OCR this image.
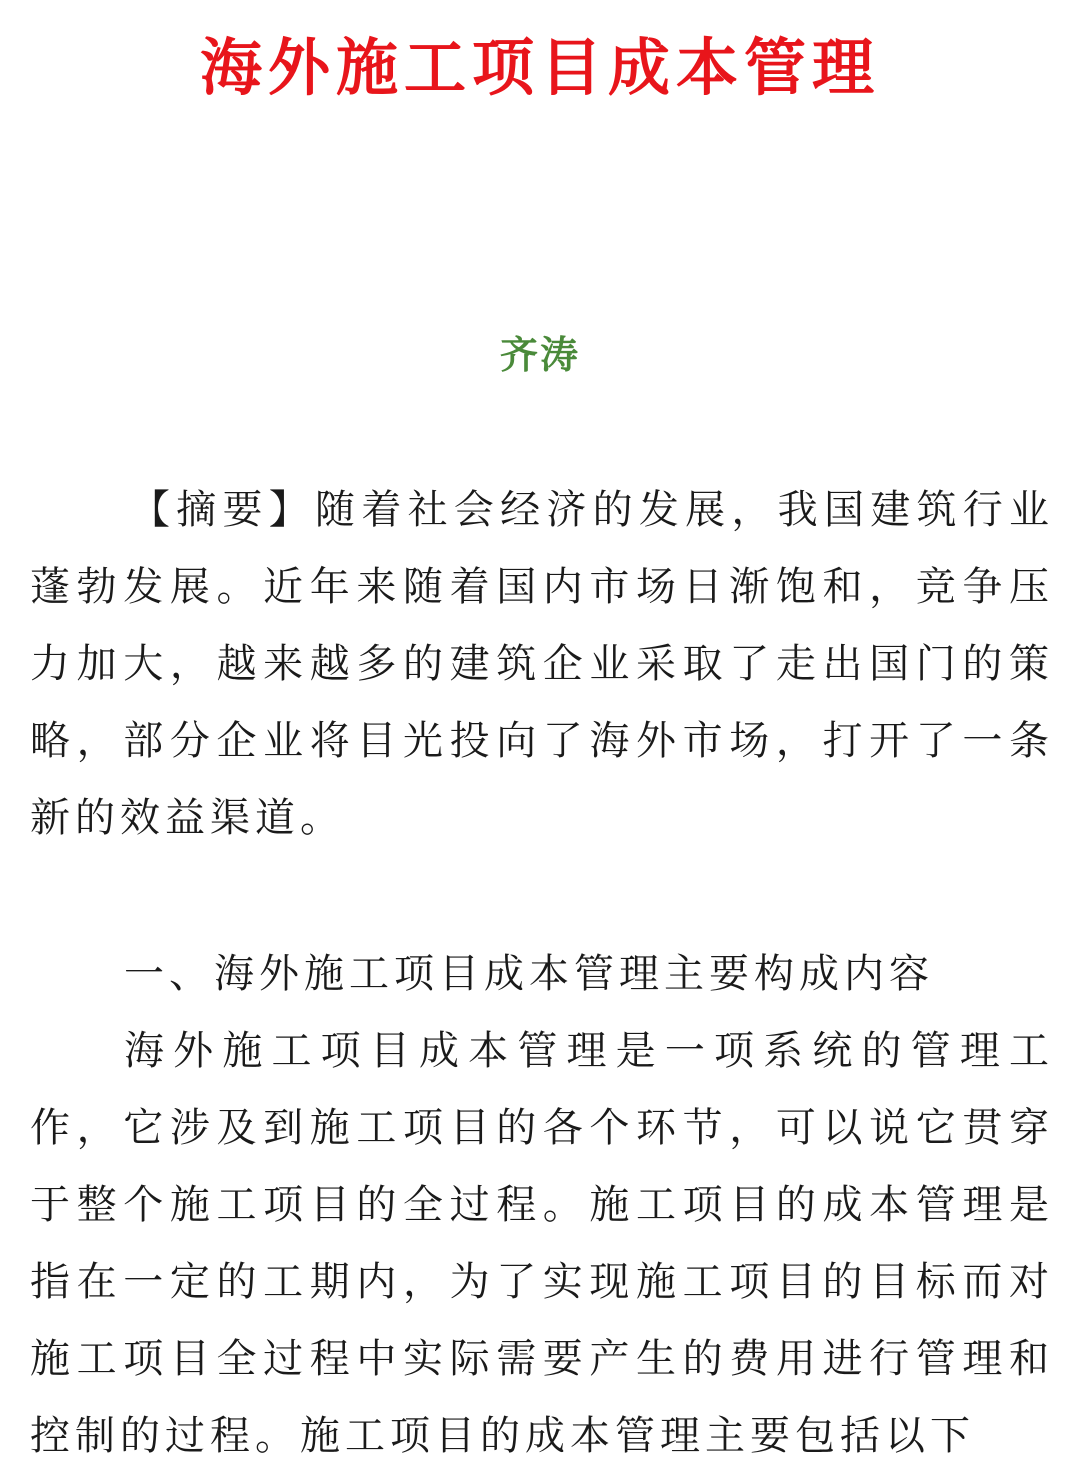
海外施工项目成本管理
齐涛

【摘要】随着社会经济的发展，我国建筑行业蓬勃发展。近年来随着国内市场日渐饱和，竞争压力加大，越来越多的建筑企业采取了走出国门的策略，部分企业将目光投向了海外市场，打开了一条新的效益渠道。

一、海外施工项目成本管理主要构成内容

海外施工项目成本管理是一项系统的管理工作，它涉及到施工项目的各个环节，可以说它贯穿于整个施工项目的全过程。施工项目的成本管理是指在一定的工期内，为了实现施工项目的目标而对施工项目全过程中实际需要产生的费用进行管理和控制的过程。施工项目的成本管理主要包括以下
